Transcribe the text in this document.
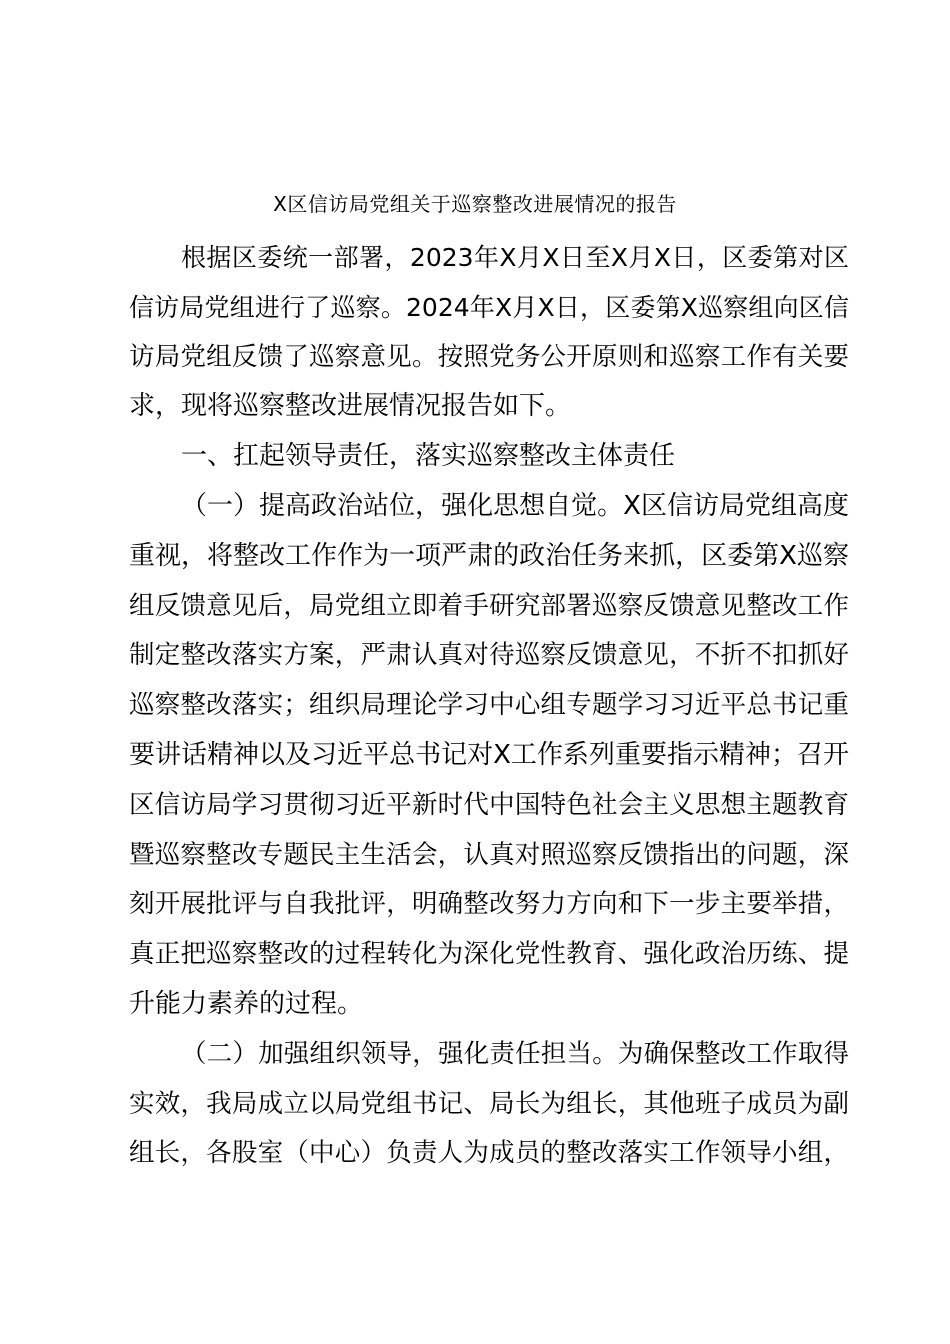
X区信访局党组关于巡察整改进展情况的报告
根据区委统一部署，2023年X月X日至X月X日，区委第对区
信访局党组进行了巡察。2024年X月X日，区委第X巡察组向区信
访局党组反馈了巡察意见。按照党务公开原则和巡察工作有关要
求，现将巡察整改进展情况报告如下。
一、扛起领导责任，落实巡察整改主体责任
（一）提高政治站位，强化思想自觉。X区信访局党组高度
重视，将整改工作作为一项严肃的政治任务来抓，区委第X巡察
组反馈意见后，局党组立即着手研究部署巡察反馈意见整改工作
制定整改落实方案，严肃认真对待巡察反馈意见，不折不扣抓好
巡察整改落实；组织局理论学习中心组专题学习习近平总书记重
要讲话精神以及习近平总书记对X工作系列重要指示精神；召开
区信访局学习贯彻习近平新时代中国特色社会主义思想主题教育
暨巡察整改专题民主生活会，认真对照巡察反馈指出的问题，深
刻开展批评与自我批评，明确整改努力方向和下一步主要举措，
真正把巡察整改的过程转化为深化党性教育、强化政治历练、提
升能力素养的过程。
（二）加强组织领导，强化责任担当。为确保整改工作取得
实效，我局成立以局党组书记、局长为组长，其他班子成员为副
组长，各股室（中心）负责人为成员的整改落实工作领导小组，
